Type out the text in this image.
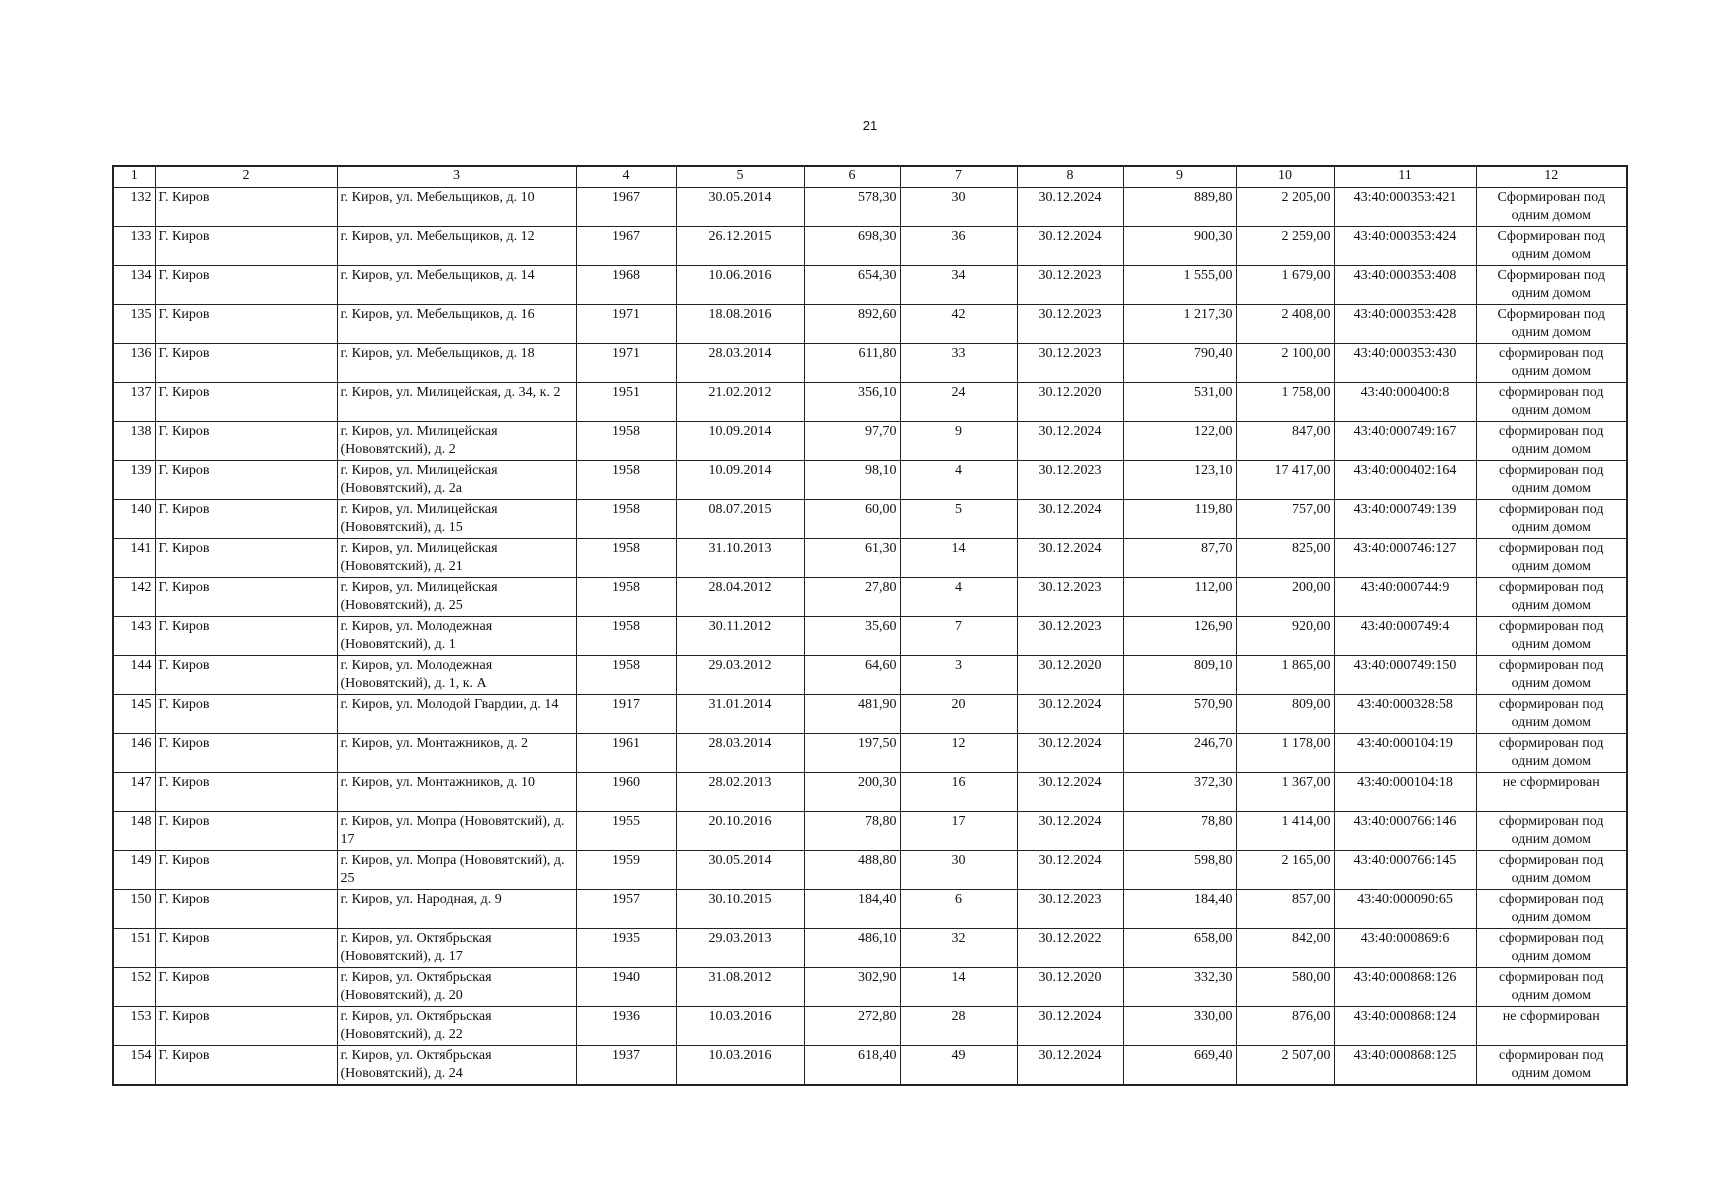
21
1	2	3	4	5	6	7	8	9	10	11	12
132	Г. Киров	г. Киров, ул. Мебельщиков, д. 10	1967	30.05.2014	578,30	30	30.12.2024	889,80	2 205,00	43:40:000353:421	Сформирован под одним домом
133	Г. Киров	г. Киров, ул. Мебельщиков, д. 12	1967	26.12.2015	698,30	36	30.12.2024	900,30	2 259,00	43:40:000353:424	Сформирован под одним домом
134	Г. Киров	г. Киров, ул. Мебельщиков, д. 14	1968	10.06.2016	654,30	34	30.12.2023	1 555,00	1 679,00	43:40:000353:408	Сформирован под одним домом
135	Г. Киров	г. Киров, ул. Мебельщиков, д. 16	1971	18.08.2016	892,60	42	30.12.2023	1 217,30	2 408,00	43:40:000353:428	Сформирован под одним домом
136	Г. Киров	г. Киров, ул. Мебельщиков, д. 18	1971	28.03.2014	611,80	33	30.12.2023	790,40	2 100,00	43:40:000353:430	сформирован под одним домом
137	Г. Киров	г. Киров, ул. Милицейская, д. 34, к. 2	1951	21.02.2012	356,10	24	30.12.2020	531,00	1 758,00	43:40:000400:8	сформирован под одним домом
138	Г. Киров	г. Киров, ул. Милицейская (Нововятский), д. 2	1958	10.09.2014	97,70	9	30.12.2024	122,00	847,00	43:40:000749:167	сформирован под одним домом
139	Г. Киров	г. Киров, ул. Милицейская (Нововятский), д. 2а	1958	10.09.2014	98,10	4	30.12.2023	123,10	17 417,00	43:40:000402:164	сформирован под одним домом
140	Г. Киров	г. Киров, ул. Милицейская (Нововятский), д. 15	1958	08.07.2015	60,00	5	30.12.2024	119,80	757,00	43:40:000749:139	сформирован под одним домом
141	Г. Киров	г. Киров, ул. Милицейская (Нововятский), д. 21	1958	31.10.2013	61,30	14	30.12.2024	87,70	825,00	43:40:000746:127	сформирован под одним домом
142	Г. Киров	г. Киров, ул. Милицейская (Нововятский), д. 25	1958	28.04.2012	27,80	4	30.12.2023	112,00	200,00	43:40:000744:9	сформирован под одним домом
143	Г. Киров	г. Киров, ул. Молодежная (Нововятский), д. 1	1958	30.11.2012	35,60	7	30.12.2023	126,90	920,00	43:40:000749:4	сформирован под одним домом
144	Г. Киров	г. Киров, ул. Молодежная (Нововятский), д. 1, к. А	1958	29.03.2012	64,60	3	30.12.2020	809,10	1 865,00	43:40:000749:150	сформирован под одним домом
145	Г. Киров	г. Киров, ул. Молодой Гвардии, д. 14	1917	31.01.2014	481,90	20	30.12.2024	570,90	809,00	43:40:000328:58	сформирован под одним домом
146	Г. Киров	г. Киров, ул. Монтажников, д. 2	1961	28.03.2014	197,50	12	30.12.2024	246,70	1 178,00	43:40:000104:19	сформирован под одним домом
147	Г. Киров	г. Киров, ул. Монтажников, д. 10	1960	28.02.2013	200,30	16	30.12.2024	372,30	1 367,00	43:40:000104:18	не сформирован
148	Г. Киров	г. Киров, ул. Мопра (Нововятский), д. 17	1955	20.10.2016	78,80	17	30.12.2024	78,80	1 414,00	43:40:000766:146	сформирован под одним домом
149	Г. Киров	г. Киров, ул. Мопра (Нововятский), д. 25	1959	30.05.2014	488,80	30	30.12.2024	598,80	2 165,00	43:40:000766:145	сформирован под одним домом
150	Г. Киров	г. Киров, ул. Народная, д. 9	1957	30.10.2015	184,40	6	30.12.2023	184,40	857,00	43:40:000090:65	сформирован под одним домом
151	Г. Киров	г. Киров, ул. Октябрьская (Нововятский), д. 17	1935	29.03.2013	486,10	32	30.12.2022	658,00	842,00	43:40:000869:6	сформирован под одним домом
152	Г. Киров	г. Киров, ул. Октябрьская (Нововятский), д. 20	1940	31.08.2012	302,90	14	30.12.2020	332,30	580,00	43:40:000868:126	сформирован под одним домом
153	Г. Киров	г. Киров, ул. Октябрьская (Нововятский), д. 22	1936	10.03.2016	272,80	28	30.12.2024	330,00	876,00	43:40:000868:124	не сформирован
154	Г. Киров	г. Киров, ул. Октябрьская (Нововятский), д. 24	1937	10.03.2016	618,40	49	30.12.2024	669,40	2 507,00	43:40:000868:125	сформирован под одним домом
